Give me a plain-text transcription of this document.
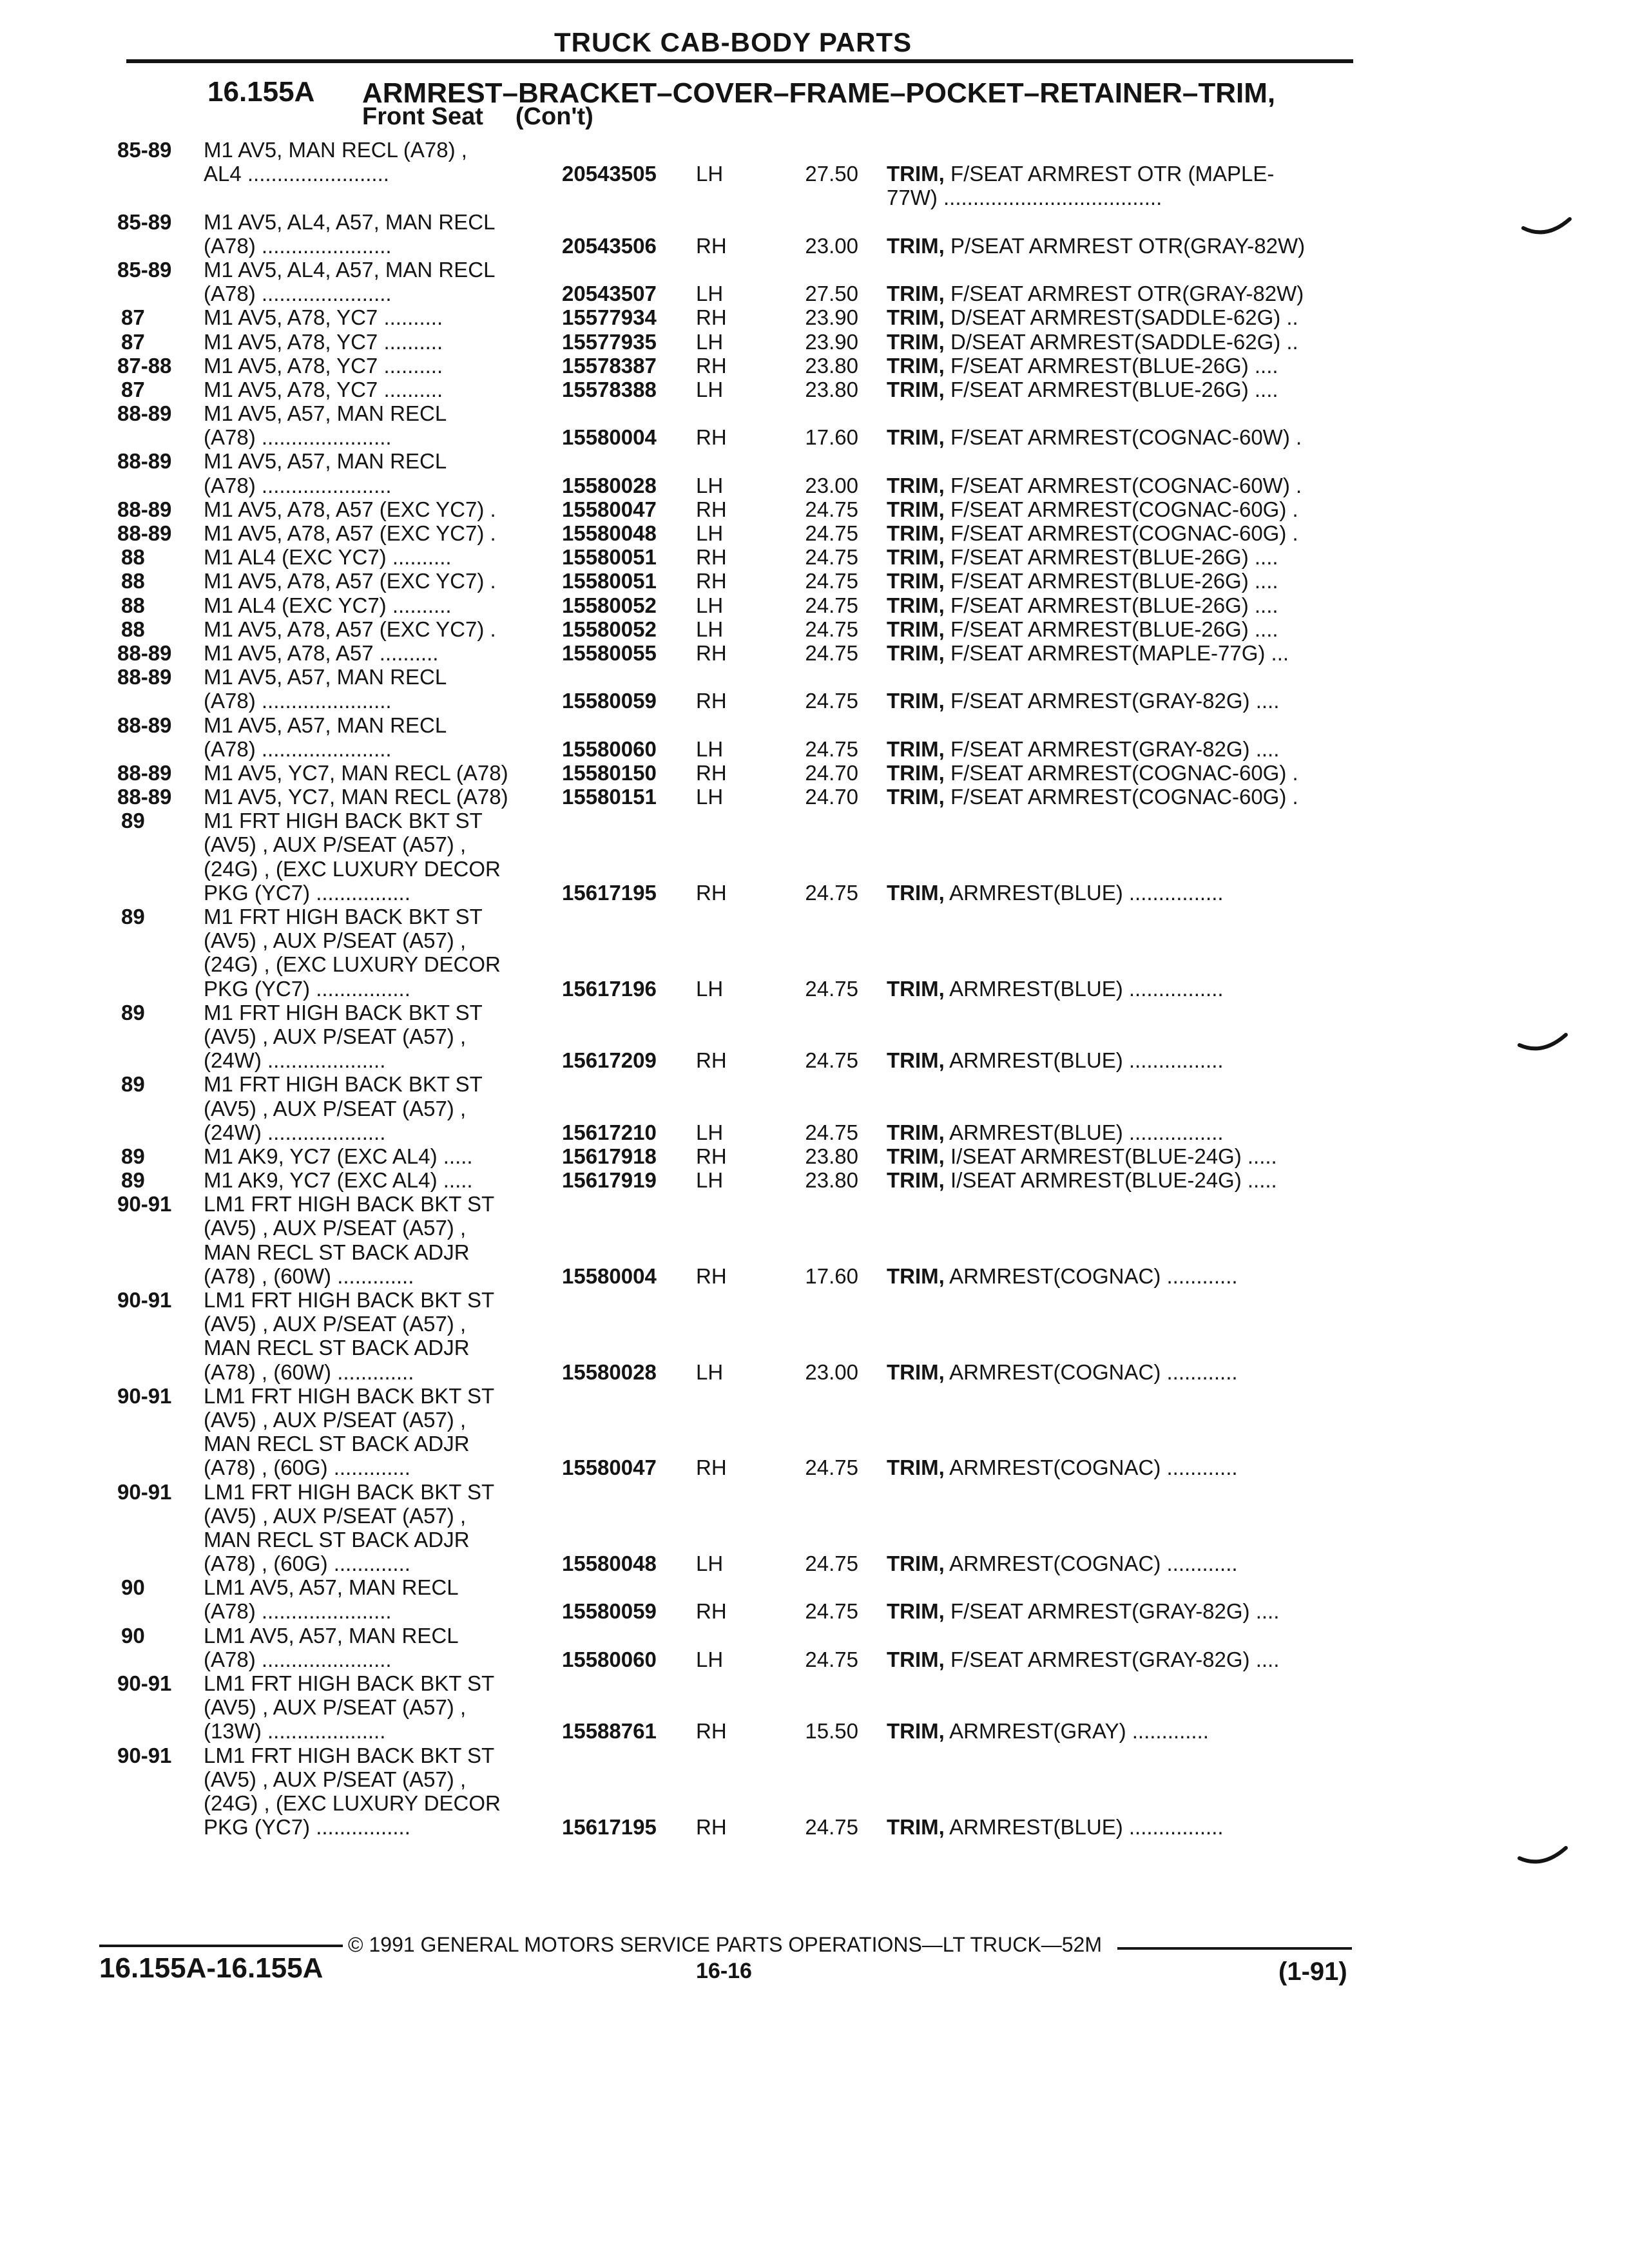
TRUCK CAB-BODY PARTS
16.155A ARMREST–BRACKET–COVER–FRAME–POCKET–RETAINER–TRIM,
Front Seat (Con't)
85-89	M1 AV5, MAN RECL (A78) ,
AL4 ........................	20543505	LH	27.50 TRIM, F/SEAT ARMREST OTR (MAPLE-
77W) .....................................
85-89	M1 AV5, AL4, A57, MAN RECL
(A78) ......................	20543506	RH	23.00 TRIM, P/SEAT ARMREST OTR(GRAY-82W)
85-89	M1 AV5, AL4, A57, MAN RECL
(A78) ......................	20543507	LH	27.50 TRIM, F/SEAT ARMREST OTR(GRAY-82W)
87	M1 AV5, A78, YC7 ..........	15577934	RH	23.90 TRIM, D/SEAT ARMREST(SADDLE-62G) ..
87	M1 AV5, A78, YC7 ..........	15577935	LH	23.90 TRIM, D/SEAT ARMREST(SADDLE-62G) ..
87-88	M1 AV5, A78, YC7 ..........	15578387	RH	23.80 TRIM, F/SEAT ARMREST(BLUE-26G) ....
87	M1 AV5, A78, YC7 ..........	15578388	LH	23.80 TRIM, F/SEAT ARMREST(BLUE-26G) ....
88-89	M1 AV5, A57, MAN RECL
(A78) ......................	15580004	RH	17.60 TRIM, F/SEAT ARMREST(COGNAC-60W) .
88-89	M1 AV5, A57, MAN RECL
(A78) ......................	15580028	LH	23.00 TRIM, F/SEAT ARMREST(COGNAC-60W) .
88-89	M1 AV5, A78, A57 (EXC YC7) .	15580047	RH	24.75 TRIM, F/SEAT ARMREST(COGNAC-60G) .
88-89	M1 AV5, A78, A57 (EXC YC7) .	15580048	LH	24.75 TRIM, F/SEAT ARMREST(COGNAC-60G) .
88	M1 AL4 (EXC YC7) ..........	15580051	RH	24.75 TRIM, F/SEAT ARMREST(BLUE-26G) ....
88	M1 AV5, A78, A57 (EXC YC7) .	15580051	RH	24.75 TRIM, F/SEAT ARMREST(BLUE-26G) ....
88	M1 AL4 (EXC YC7) ..........	15580052	LH	24.75 TRIM, F/SEAT ARMREST(BLUE-26G) ....
88	M1 AV5, A78, A57 (EXC YC7) .	15580052	LH	24.75 TRIM, F/SEAT ARMREST(BLUE-26G) ....
88-89	M1 AV5, A78, A57 ..........	15580055	RH	24.75 TRIM, F/SEAT ARMREST(MAPLE-77G) ...
88-89	M1 AV5, A57, MAN RECL
(A78) ......................	15580059	RH	24.75 TRIM, F/SEAT ARMREST(GRAY-82G) ....
88-89	M1 AV5, A57, MAN RECL
(A78) ......................	15580060	LH	24.75 TRIM, F/SEAT ARMREST(GRAY-82G) ....
88-89	M1 AV5, YC7, MAN RECL (A78)	15580150	RH	24.70 TRIM, F/SEAT ARMREST(COGNAC-60G) .
88-89	M1 AV5, YC7, MAN RECL (A78)	15580151	LH	24.70 TRIM, F/SEAT ARMREST(COGNAC-60G) .
89	M1 FRT HIGH BACK BKT ST
(AV5) , AUX P/SEAT (A57) ,
(24G) , (EXC LUXURY DECOR
PKG (YC7) ................	15617195	RH	24.75 TRIM, ARMREST(BLUE) ................
89	M1 FRT HIGH BACK BKT ST
(AV5) , AUX P/SEAT (A57) ,
(24G) , (EXC LUXURY DECOR
PKG (YC7) ................	15617196	LH	24.75 TRIM, ARMREST(BLUE) ................
89	M1 FRT HIGH BACK BKT ST
(AV5) , AUX P/SEAT (A57) ,
(24W) ....................	15617209	RH	24.75 TRIM, ARMREST(BLUE) ................
89	M1 FRT HIGH BACK BKT ST
(AV5) , AUX P/SEAT (A57) ,
(24W) ....................	15617210	LH	24.75 TRIM, ARMREST(BLUE) ................
89	M1 AK9, YC7 (EXC AL4) .....	15617918	RH	23.80 TRIM, I/SEAT ARMREST(BLUE-24G) .....
89	M1 AK9, YC7 (EXC AL4) .....	15617919	LH	23.80 TRIM, I/SEAT ARMREST(BLUE-24G) .....
90-91	LM1 FRT HIGH BACK BKT ST
(AV5) , AUX P/SEAT (A57) ,
MAN RECL ST BACK ADJR
(A78) , (60W) .............	15580004	RH	17.60 TRIM, ARMREST(COGNAC) ............
90-91	LM1 FRT HIGH BACK BKT ST
(AV5) , AUX P/SEAT (A57) ,
MAN RECL ST BACK ADJR
(A78) , (60W) .............	15580028	LH	23.00 TRIM, ARMREST(COGNAC) ............
90-91	LM1 FRT HIGH BACK BKT ST
(AV5) , AUX P/SEAT (A57) ,
MAN RECL ST BACK ADJR
(A78) , (60G) .............	15580047	RH	24.75 TRIM, ARMREST(COGNAC) ............
90-91	LM1 FRT HIGH BACK BKT ST
(AV5) , AUX P/SEAT (A57) ,
MAN RECL ST BACK ADJR
(A78) , (60G) .............	15580048	LH	24.75 TRIM, ARMREST(COGNAC) ............
90	LM1 AV5, A57, MAN RECL
(A78) ......................	15580059	RH	24.75 TRIM, F/SEAT ARMREST(GRAY-82G) ....
90	LM1 AV5, A57, MAN RECL
(A78) ......................	15580060	LH	24.75 TRIM, F/SEAT ARMREST(GRAY-82G) ....
90-91	LM1 FRT HIGH BACK BKT ST
(AV5) , AUX P/SEAT (A57) ,
(13W) ....................	15588761	RH	15.50 TRIM, ARMREST(GRAY) .............
90-91	LM1 FRT HIGH BACK BKT ST
(AV5) , AUX P/SEAT (A57) ,
(24G) , (EXC LUXURY DECOR
PKG (YC7) ................	15617195	RH	24.75 TRIM, ARMREST(BLUE) ................
© 1991 GENERAL MOTORS SERVICE PARTS OPERATIONS—LT TRUCK—52M
16.155A-16.155A	16-16	(1-91)
